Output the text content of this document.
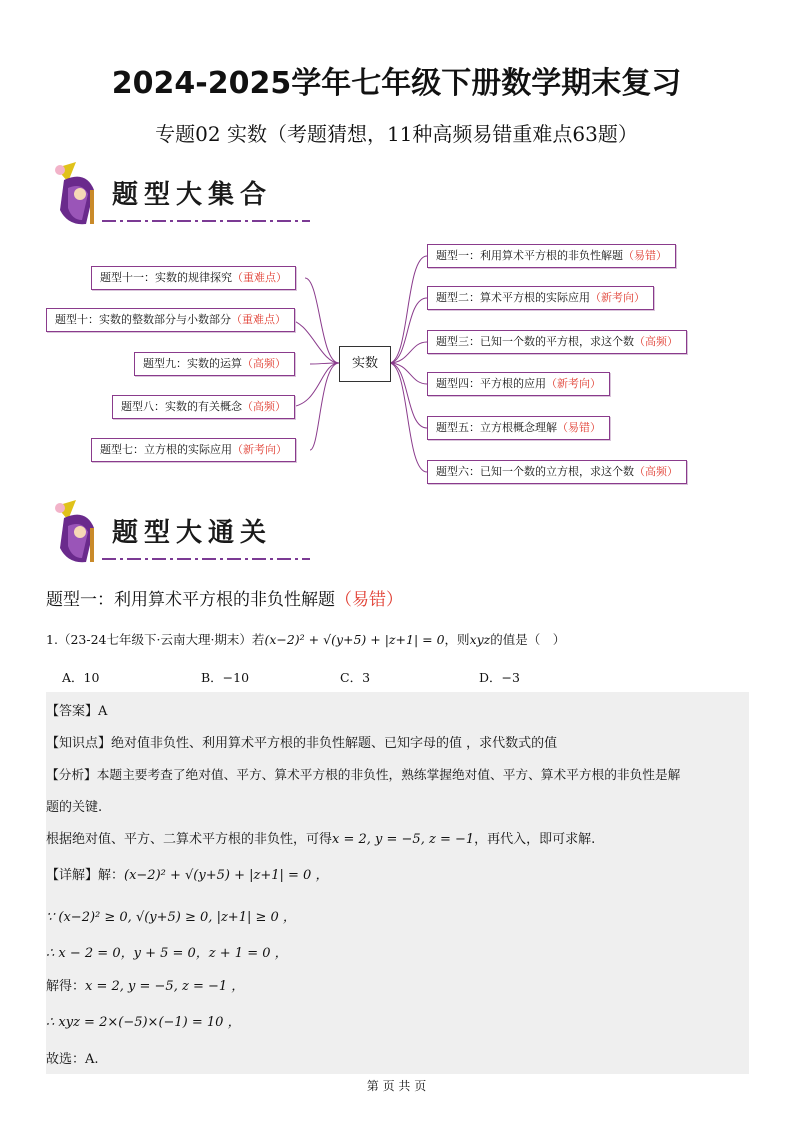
2024-2025学年七年级下册数学期末复习
专题02 实数（考题猜想，11种高频易错重难点63题）
题型大集合
题型十一：实数的规律探究（重难点）
题型十：实数的整数部分与小数部分（重难点）
题型九：实数的运算（高频）
题型八：实数的有关概念（高频）
题型七：立方根的实际应用（新考向）
实数
题型一：利用算术平方根的非负性解题（易错）
题型二：算术平方根的实际应用（新考向）
题型三：已知一个数的平方根，求这个数（高频）
题型四：平方根的应用（新考向）
题型五：立方根概念理解（易错）
题型六：已知一个数的立方根，求这个数（高频）
题型大通关
题型一：利用算术平方根的非负性解题（易错）
1.（23-24七年级下·云南大理·期末）若(x−2)² + √(y+5) + |z+1| = 0，则xyz的值是（　）
A．10	B．−10	C．3	D．−3
【答案】A
【知识点】绝对值非负性、利用算术平方根的非负性解题、已知字母的值 ，求代数式的值
【分析】本题主要考查了绝对值、平方、算术平方根的非负性，熟练掌握绝对值、平方、算术平方根的非负性是解
题的关键.
根据绝对值、平方、二算术平方根的非负性，可得x = 2, y = −5, z = −1，再代入，即可求解.
【详解】解：(x−2)² + √(y+5) + |z+1| = 0 ，
∵ (x−2)² ≥ 0, √(y+5) ≥ 0, |z+1| ≥ 0 ，
∴ x − 2 = 0，y + 5 = 0，z + 1 = 0 ，
解得：x = 2, y = −5, z = −1 ，
∴ xyz = 2×(−5)×(−1) = 10 ，
故选：A.
第 页 共 页
